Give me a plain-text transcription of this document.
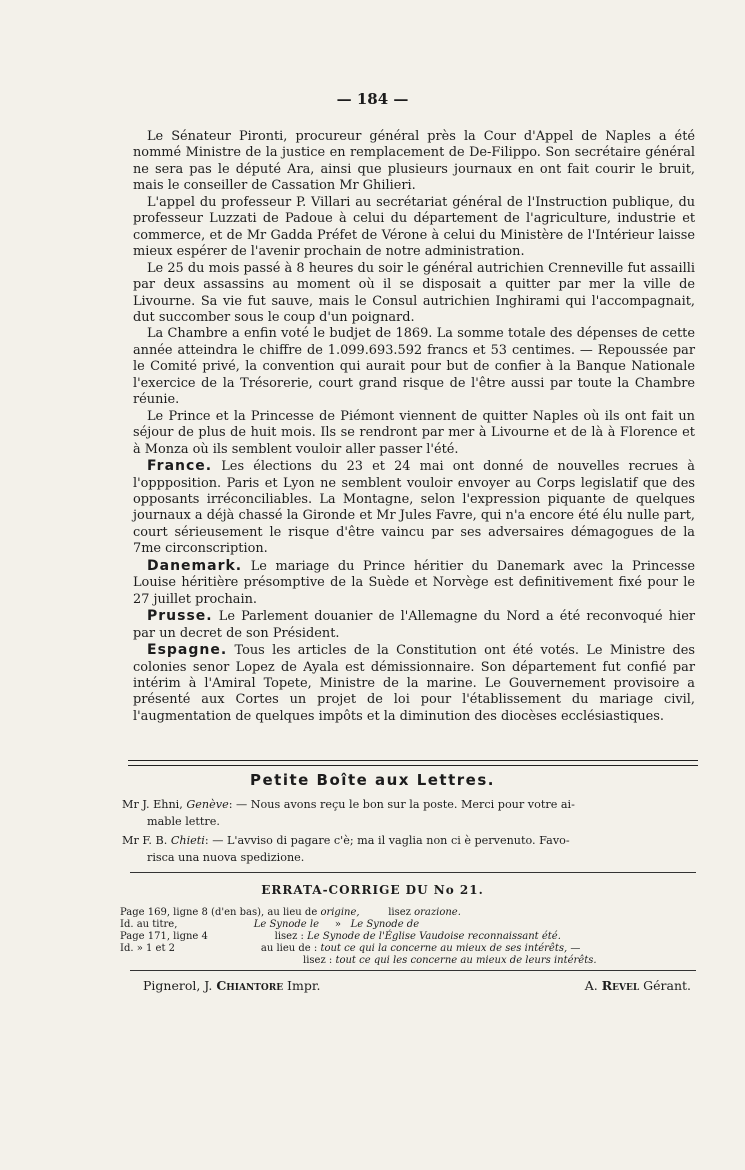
— 184 —

Le Sénateur Pironti, procureur général près la Cour d'Appel de Naples a été nommé Ministre de la justice en remplacement de De-Filippo. Son secrétaire général ne sera pas le député Ara, ainsi que plusieurs journaux en ont fait courir le bruit, mais le conseiller de Cassation Mr Ghilieri.

L'appel du professeur P. Villari au secrétariat général de l'Instruction publique, du professeur Luzzati de Padoue à celui du département de l'agriculture, industrie et commerce, et de Mr Gadda Préfet de Vérone à celui du Ministère de l'Intérieur laisse mieux espérer de l'avenir prochain de notre administration.

Le 25 du mois passé à 8 heures du soir le général autrichien Crenneville fut assailli par deux assassins au moment où il se disposait a quitter par mer la ville de Livourne. Sa vie fut sauve, mais le Consul autrichien Inghirami qui l'accompagnait, dut succomber sous le coup d'un poignard.

La Chambre a enfin voté le budjet de 1869. La somme totale des dépenses de cette année atteindra le chiffre de 1.099.693.592 francs et 53 centimes. — Repoussée par le Comité privé, la convention qui aurait pour but de confier à la Banque Nationale l'exercice de la Trésorerie, court grand risque de l'être aussi par toute la Chambre réunie.

Le Prince et la Princesse de Piémont viennent de quitter Naples où ils ont fait un séjour de plus de huit mois. Ils se rendront par mer à Livourne et de là à Florence et à Monza où ils semblent vouloir aller passer l'été.

France. Les élections du 23 et 24 mai ont donné de nouvelles recrues à l'oppposition. Paris et Lyon ne semblent vouloir envoyer au Corps legislatif que des opposants irréconciliables. La Montagne, selon l'expression piquante de quelques journaux a déjà chassé la Gironde et Mr Jules Favre, qui n'a encore été élu nulle part, court sérieusement le risque d'être vaincu par ses adversaires démagogues de la 7me circonscription.

Danemark. Le mariage du Prince héritier du Danemark avec la Princesse Louise héritière présomptive de la Suède et Norvège est definitivement fixé pour le 27 juillet prochain.

Prusse. Le Parlement douanier de l'Allemagne du Nord a été reconvoqué hier par un decret de son Président.

Espagne. Tous les articles de la Constitution ont été votés. Le Ministre des colonies senor Lopez de Ayala est démissionnaire. Son département fut confié par intérim à l'Amiral Topete, Ministre de la marine. Le Gouvernement provisoire a présenté aux Cortes un projet de loi pour l'établissement du mariage civil, l'augmentation de quelques impôts et la diminution des diocèses ecclésiastiques.

Petite Boîte aux Lettres.
Mr J. Ehni, Genève: — Nous avons reçu le bon sur la poste. Merci pour votre ai-
mable lettre.
Mr F. B. Chieti: — L'avviso di pagare c'è; ma il vaglia non ci è pervenuto. Favo-
risca una nuova spedizione.
ERRATA-CORRIGE DU No 21.
Page 169, ligne 8 (d'en bas), au lieu de origine,	lisez orazione.
Id. au titre,	Le Synode le » Le Synode de
Page 171, ligne 4	lisez : Le Synode de l'Église Vaudoise reconnaissant été.
Id. » 1 et 2	au lieu de : tout ce qui la concerne au mieux de ses intérêts, —
lisez : tout ce qui les concerne au mieux de leurs intérêts.
Pignerol, J. Chiantore Impr.	A. Revel Gérant.
